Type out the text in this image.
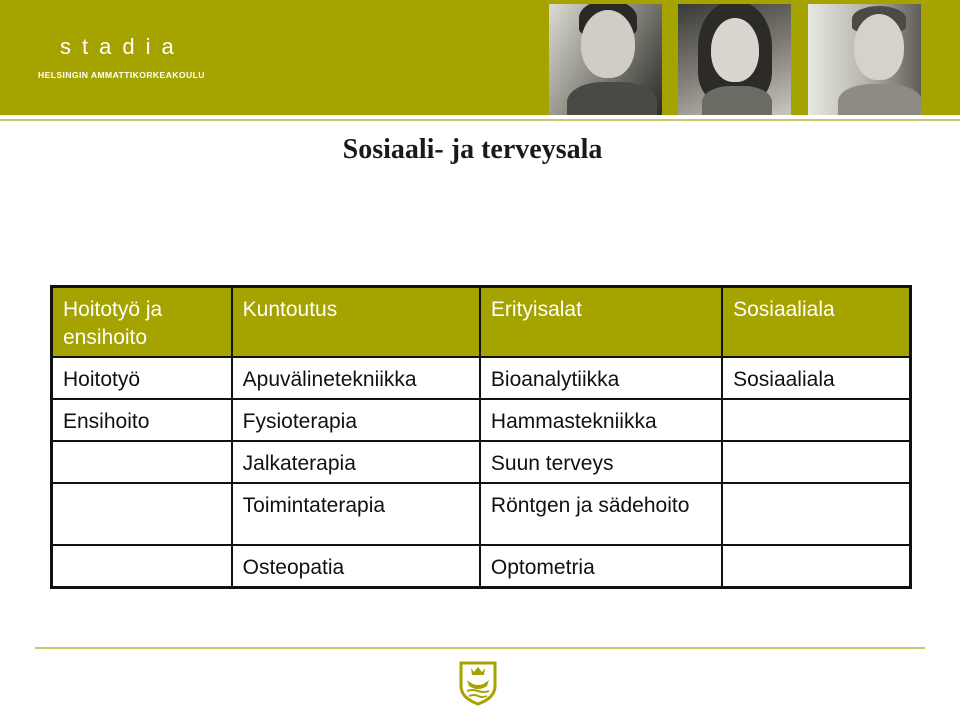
stadia
HELSINGIN AMMATTIKORKEAKOULU
Sosiaali- ja terveysala
Hoitotyö ja ensihoito	Kuntoutus	Erityisalat	Sosiaaliala
Hoitotyö	Apuvälinetekniikka	Bioanalytiikka	Sosiaaliala
Ensihoito	Fysioterapia	Hammastekniikka	
	Jalkaterapia	Suun terveys	
	Toimintaterapia	Röntgen ja sädehoito	
	Osteopatia	Optometria	
